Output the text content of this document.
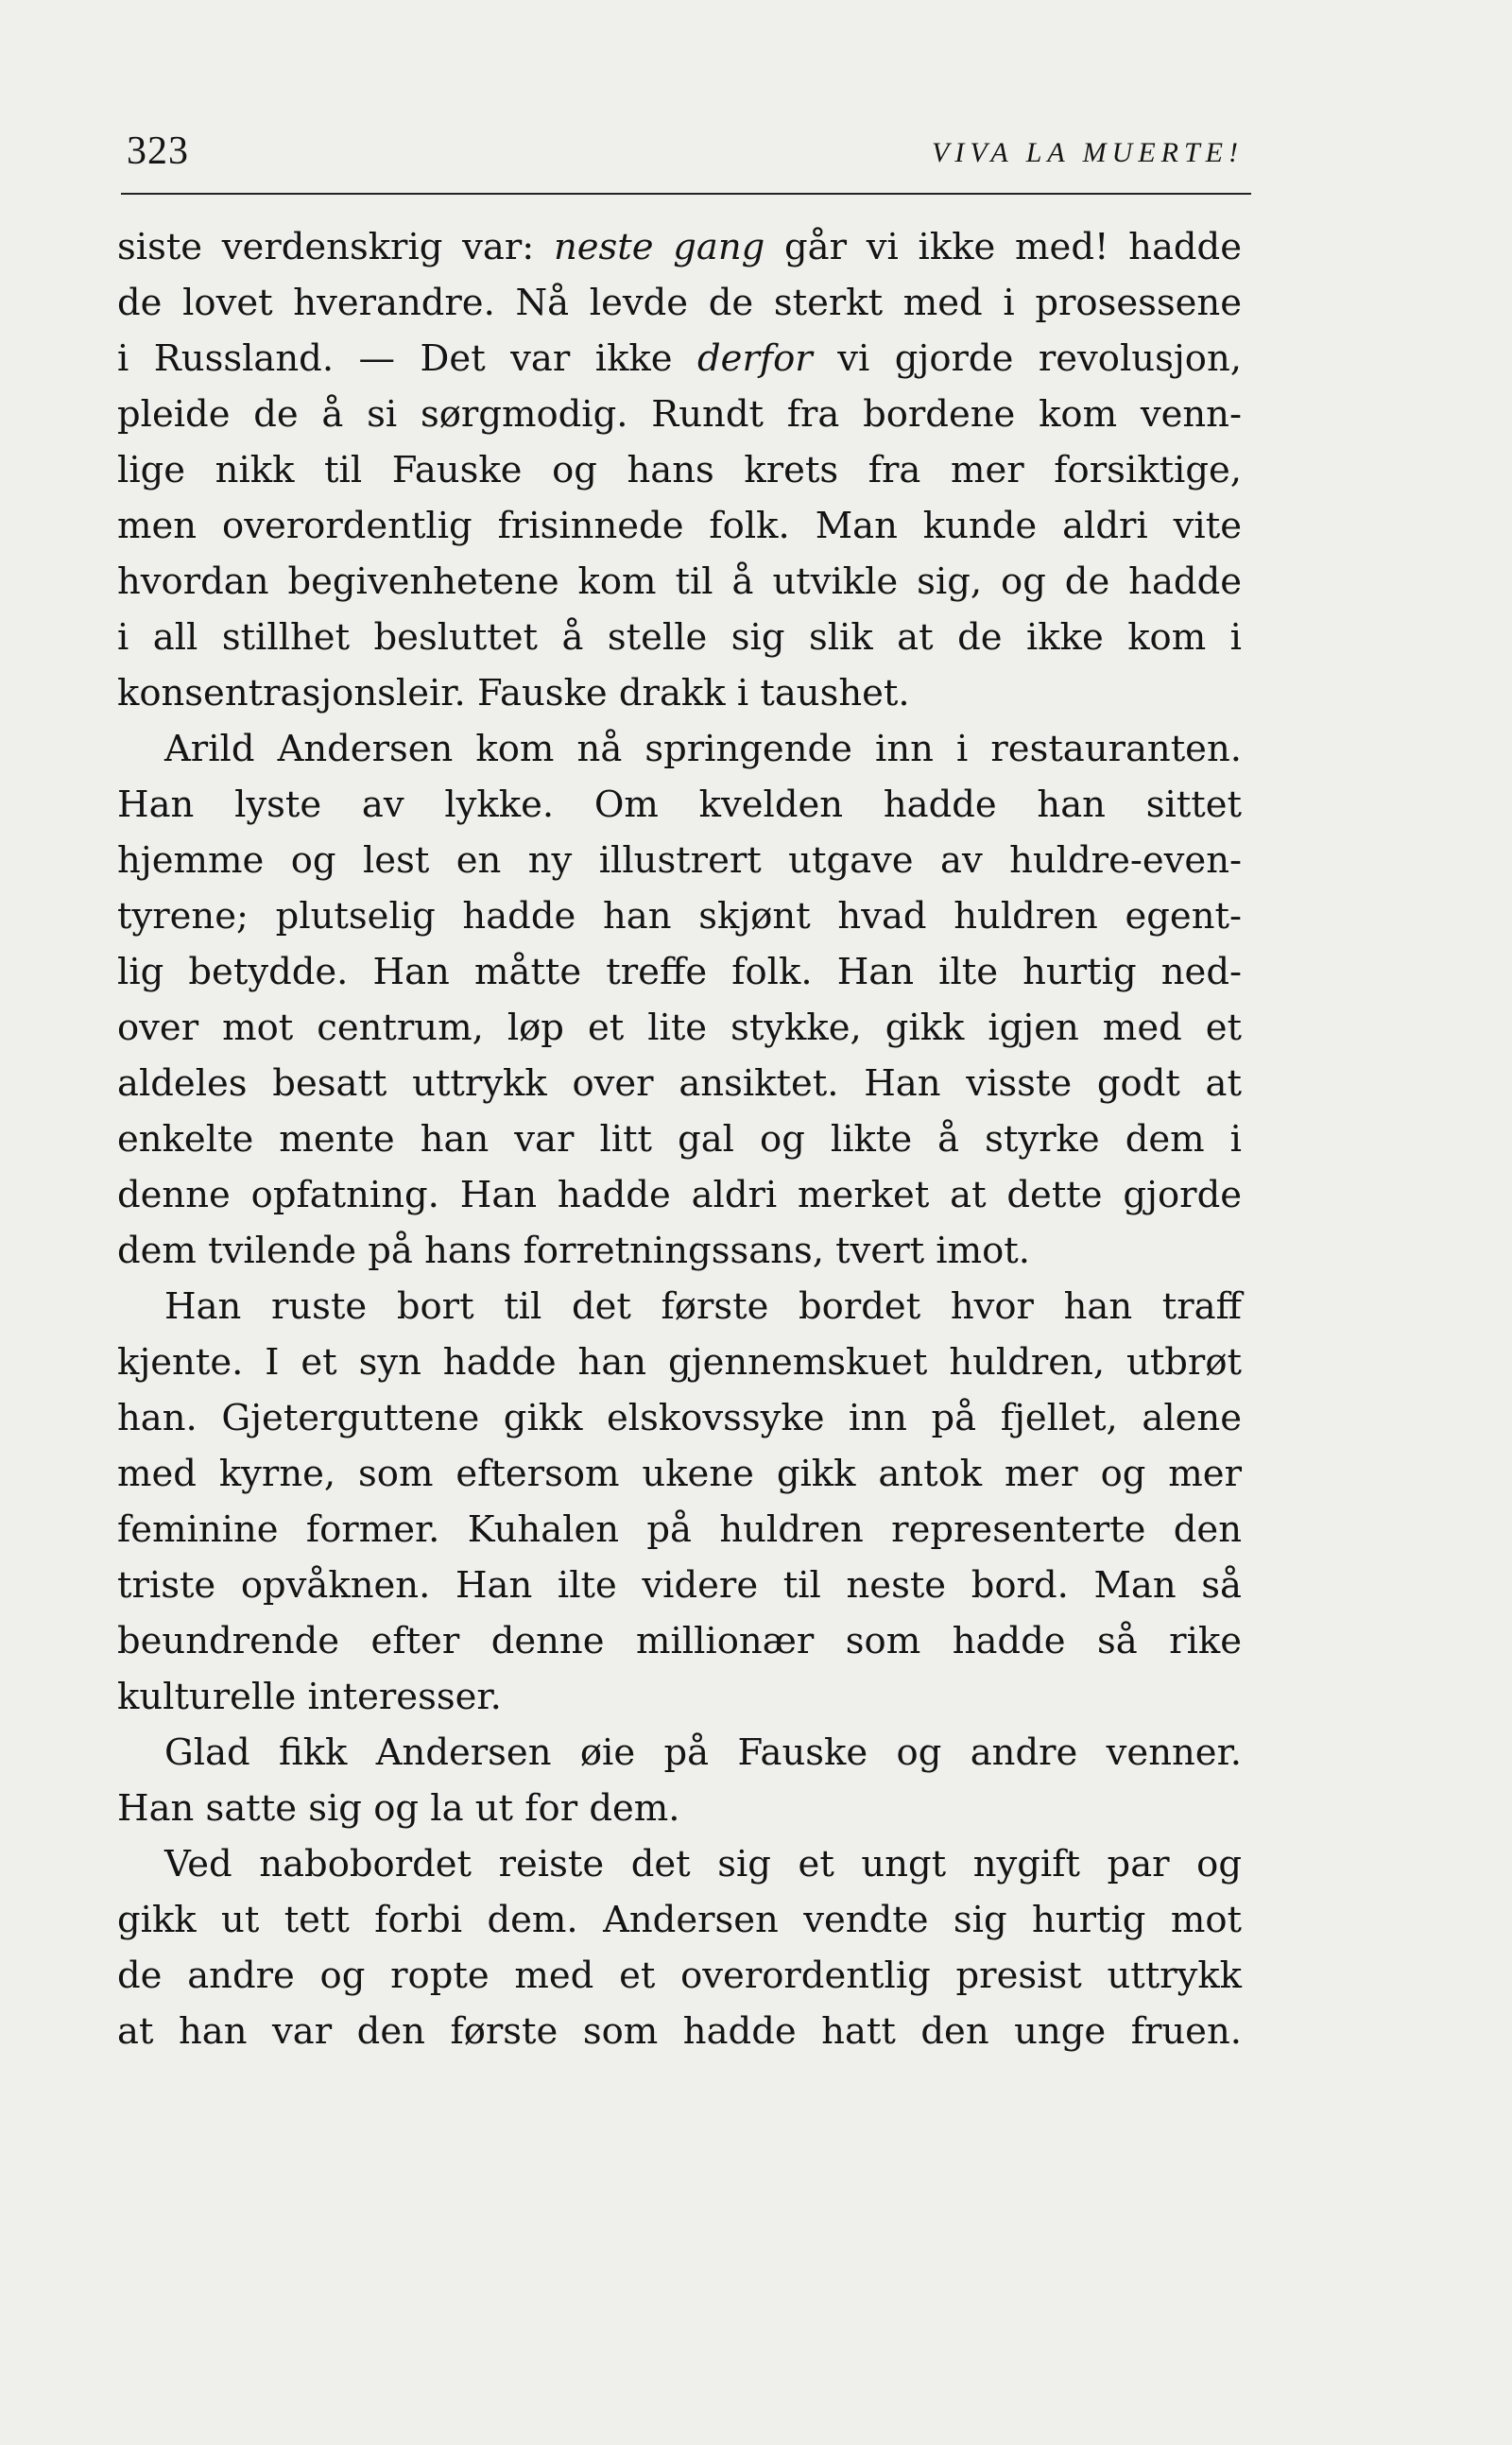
323	VIVA LA MUERTE!
siste verdenskrig var: neste gang går vi ikke med! hadde
de lovet hverandre. Nå levde de sterkt med i prosessene
i Russland. — Det var ikke derfor vi gjorde revolusjon,
pleide de å si sørgmodig. Rundt fra bordene kom venn-
lige nikk til Fauske og hans krets fra mer forsiktige,
men overordentlig frisinnede folk. Man kunde aldri vite
hvordan begivenhetene kom til å utvikle sig, og de hadde
i all stillhet besluttet å stelle sig slik at de ikke kom i
konsentrasjonsleir. Fauske drakk i taushet.
Arild Andersen kom nå springende inn i restauranten.
Han lyste av lykke. Om kvelden hadde han sittet
hjemme og lest en ny illustrert utgave av huldre-even-
tyrene; plutselig hadde han skjønt hvad huldren egent-
lig betydde. Han måtte treffe folk. Han ilte hurtig ned-
over mot centrum, løp et lite stykke, gikk igjen med et
aldeles besatt uttrykk over ansiktet. Han visste godt at
enkelte mente han var litt gal og likte å styrke dem i
denne opfatning. Han hadde aldri merket at dette gjorde
dem tvilende på hans forretningssans, tvert imot.
Han ruste bort til det første bordet hvor han traff
kjente. I et syn hadde han gjennemskuet huldren, utbrøt
han. Gjeterguttene gikk elskovssyke inn på fjellet, alene
med kyrne, som eftersom ukene gikk antok mer og mer
feminine former. Kuhalen på huldren representerte den
triste opvåknen. Han ilte videre til neste bord. Man så
beundrende efter denne millionær som hadde så rike
kulturelle interesser.
Glad fikk Andersen øie på Fauske og andre venner.
Han satte sig og la ut for dem.
Ved nabobordet reiste det sig et ungt nygift par og
gikk ut tett forbi dem. Andersen vendte sig hurtig mot
de andre og ropte med et overordentlig presist uttrykk
at han var den første som hadde hatt den unge fruen.
